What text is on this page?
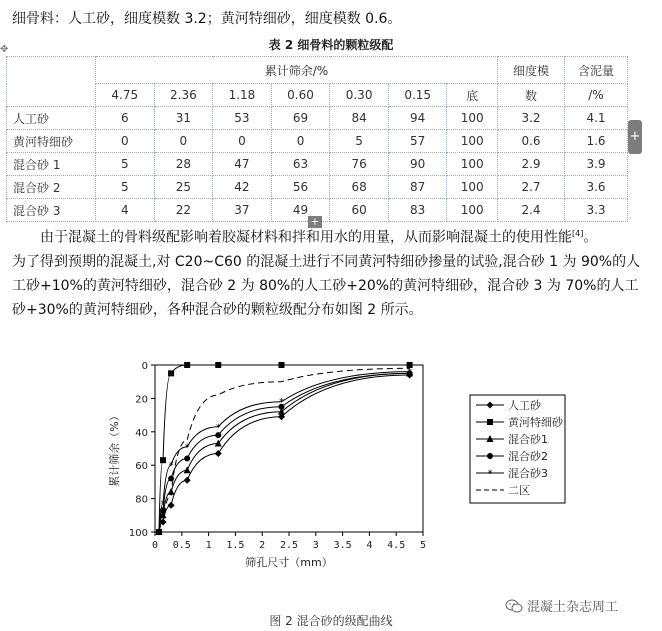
细骨料：人工砂，细度模数 3.2；黄河特细砂，细度模数 0.6。
✥	表 2 细骨料的颗粒级配
	累计筛余/%							细度模	含泥量
	4.75	2.36	1.18	0.60	0.30	0.15	底	数	/%
人工砂	6	31	53	69	84	94	100	3.2	4.1
黄河特细砂	0	0	0	0	5	57	100	0.6	1.6
混合砂 1	5	28	47	63	76	90	100	2.9	3.9
混合砂 2	5	25	42	56	68	87	100	2.7	3.6
混合砂 3	4	22	37	49	60	83	100	2.4	3.3
+

由于混凝土的骨料级配影响着胶凝材料和拌和用水的用量，从而影响混凝土的使用性能[4]。

为了得到预期的混凝土,对 C20~C60 的混凝土进行不同黄河特细砂掺量的试验,混合砂 1 为 90%的人工砂+10%的黄河特细砂，混合砂 2 为 80%的人工砂+20%的黄河特细砂，混合砂 3 为 70%的人工砂+30%的黄河特细砂，各种混合砂的颗粒级配分布如图 2 所示。

+
0
20
40
60
80
100
0 0.5 1 1.5 2 2.5 3 3.5 4 4.5 5
筛孔尺寸（mm）
累计筛余（%）
*
*
*
*
*
*
*
人工砂
黄河特细砂
混合砂1
混合砂2
* 混合砂3
二区
图 2 混合砂的级配曲线
混凝土杂志周工
